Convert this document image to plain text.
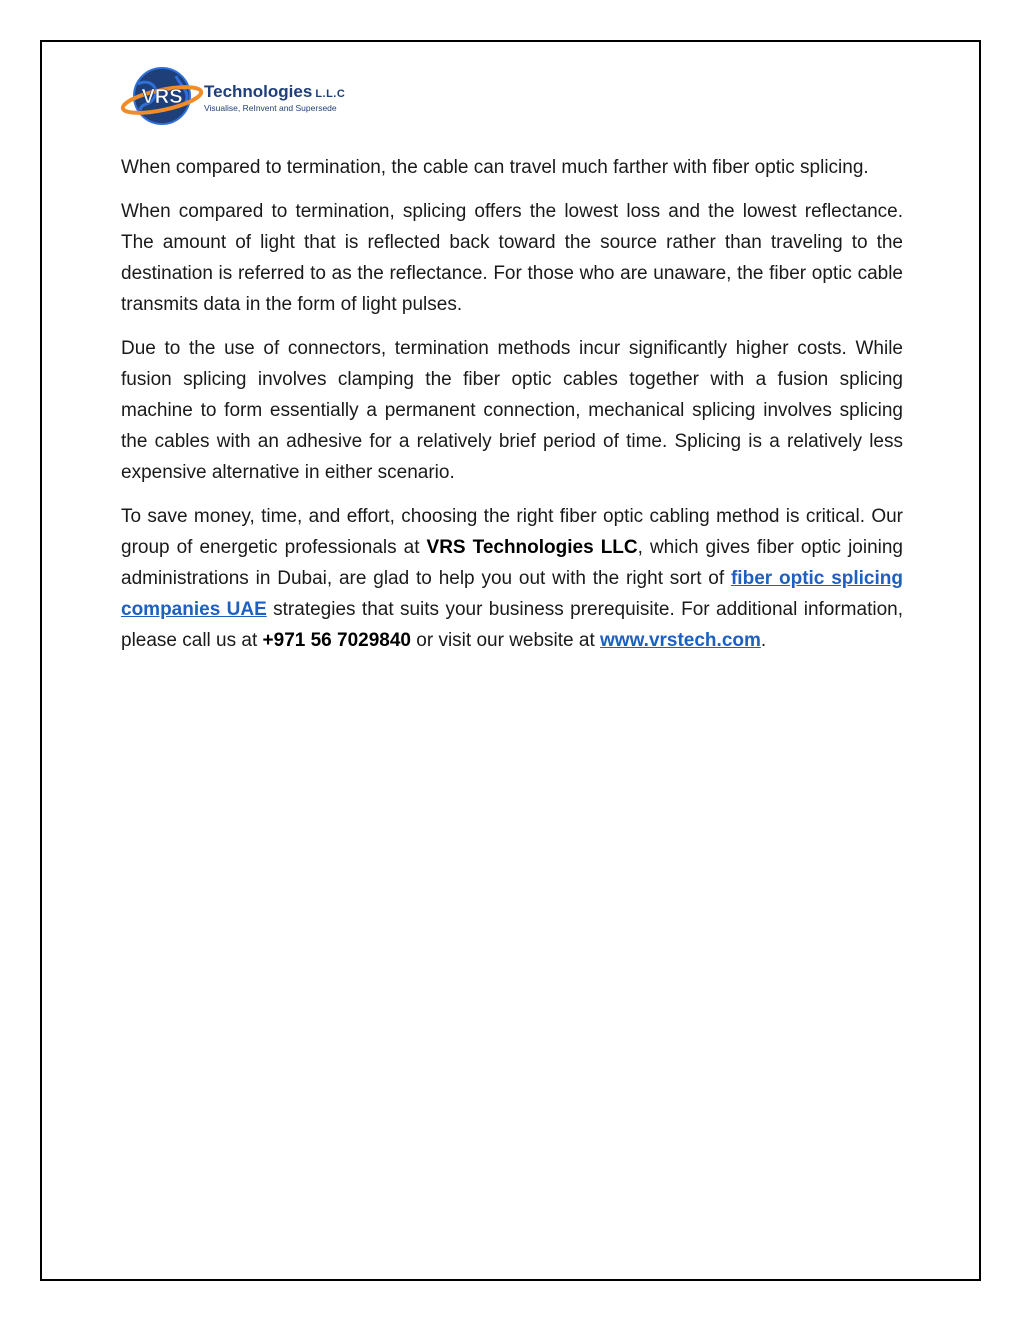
VRS Technologies L.L.C
Visualise, ReInvent and Supersede

When compared to termination, the cable can travel much farther with fiber optic splicing.

When compared to termination, splicing offers the lowest loss and the lowest reflectance. The amount of light that is reflected back toward the source rather than traveling to the destination is referred to as the reflectance. For those who are unaware, the fiber optic cable transmits data in the form of light pulses.

Due to the use of connectors, termination methods incur significantly higher costs. While fusion splicing involves clamping the fiber optic cables together with a fusion splicing machine to form essentially a permanent connection, mechanical splicing involves splicing the cables with an adhesive for a relatively brief period of time. Splicing is a relatively less expensive alternative in either scenario.

To save money, time, and effort, choosing the right fiber optic cabling method is critical. Our group of energetic professionals at VRS Technologies LLC, which gives fiber optic joining administrations in Dubai, are glad to help you out with the right sort of fiber optic splicing companies UAE strategies that suits your business prerequisite. For additional information, please call us at +971 56 7029840 or visit our website at www.vrstech.com.
